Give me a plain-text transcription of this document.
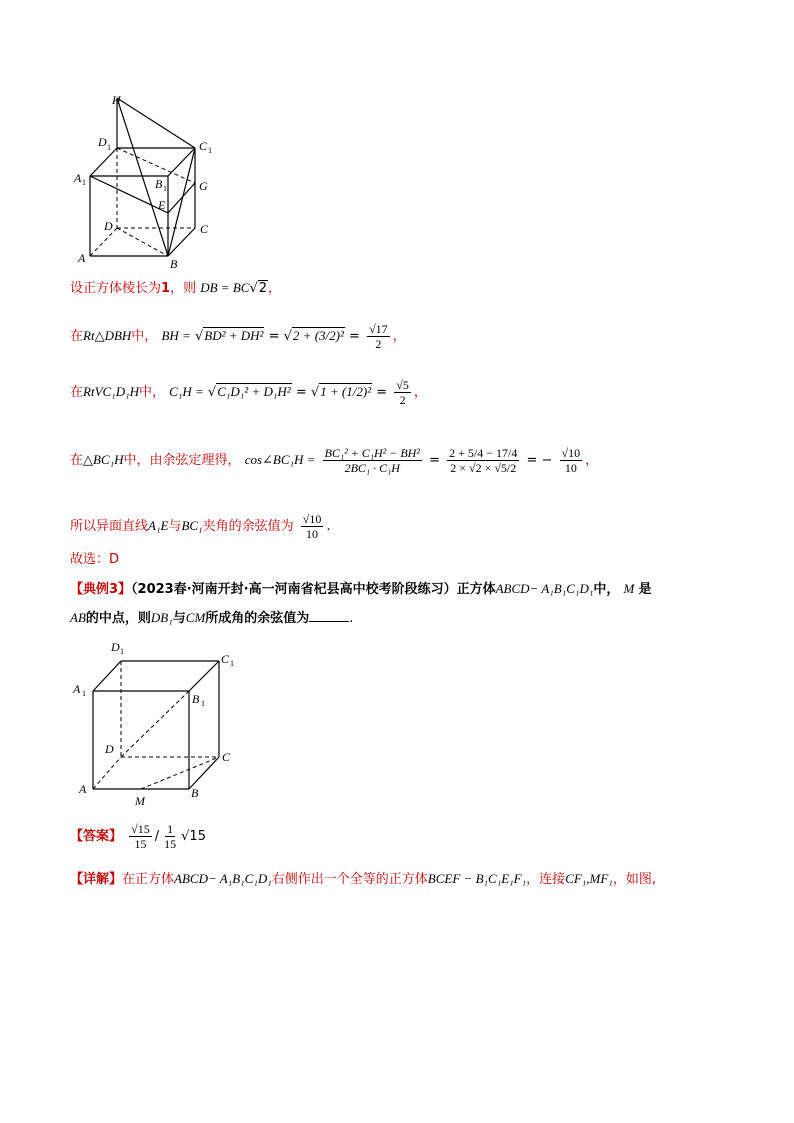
H
D 1	C 1
A 1	B 1	G
E
D	C
A	B
设正方体棱长为1，则 DB = BC√2，
在Rt△DBH中， BH = $√BD^2 + DH^2 = √2 + (3/2)^2 = \frac{√17}{2}$ ，
在RtVC₁D₁H中， $C_1H = √C_1D_1^2 + D_1H^2 = √1 + (1/2)^2 = \frac{√5}{2}$ ，
在△BC₁H中，由余弦定理得， cos∠BC₁H = $\frac{\text{BC₁² + C₁H² − BH²}}{\text{2BC₁ · C₁H}} = \frac{2 + 5/4 - 17/4}{2 \times √2 \times √5/2}$ = − $\frac{√10}{10}$ ，
所以异面直线A₁E与BC₁夹角的余弦值为 $\frac{√10}{10}$ .
故选：D
【典例3】（2023春·河南开封·高一河南省杞县高中校考阶段练习）正方体ABCD− A₁B₁C₁D₁中， M 是
AB的中点，则DB₁与CM所成角的余弦值为	.
D 1
C 1
A 1	B 1
D
C
A
M
B
【答案】 $\frac{√15}{15} / \frac{1}{15} √15$
【详解】在正方体ABCD− A₁B₁C₁D₁右侧作出一个全等的正方体BCEF − B₁C₁E₁F₁，连接CF₁,MF₁，如图,
